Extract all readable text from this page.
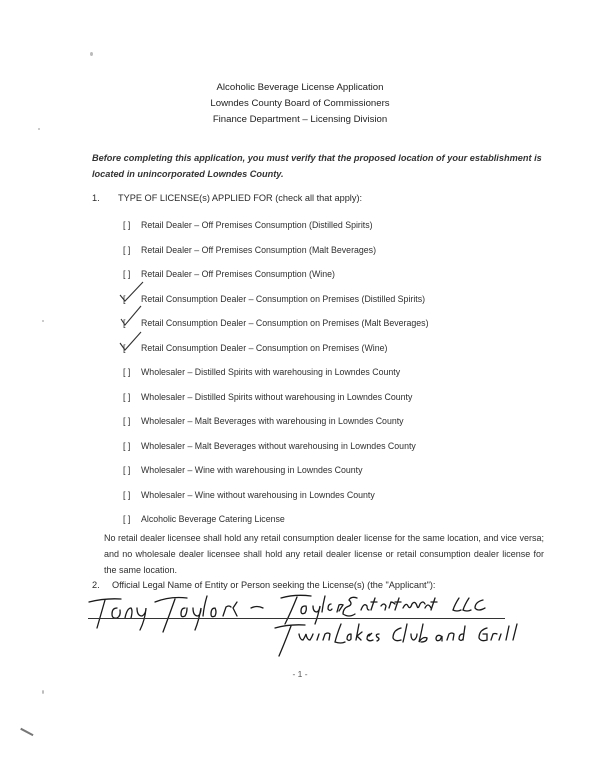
Alcoholic Beverage License Application
Lowndes County Board of Commissioners
Finance Department – Licensing Division
Before completing this application, you must verify that the proposed location of your establishment is located in unincorporated Lowndes County.
1. TYPE OF LICENSE(s) APPLIED FOR (check all that apply):
[ ] Retail Dealer – Off Premises Consumption (Distilled Spirits)
[ ] Retail Dealer – Off Premises Consumption (Malt Beverages)
[ ] Retail Dealer – Off Premises Consumption (Wine)
[  Retail Consumption Dealer – Consumption on Premises (Distilled Spirits)
[  Retail Consumption Dealer – Consumption on Premises (Malt Beverages)
[  Retail Consumption Dealer – Consumption on Premises (Wine)
[ ] Wholesaler – Distilled Spirits with warehousing in Lowndes County
[ ] Wholesaler – Distilled Spirits without warehousing in Lowndes County
[ ] Wholesaler – Malt Beverages with warehousing in Lowndes County
[ ] Wholesaler – Malt Beverages without warehousing in Lowndes County
[ ] Wholesaler – Wine with warehousing in Lowndes County
[ ] Wholesaler – Wine without warehousing in Lowndes County
[ ] Alcoholic Beverage Catering License
No retail dealer licensee shall hold any retail consumption dealer license for the same location, and vice versa; and no wholesale dealer licensee shall hold any retail dealer license or retail consumption dealer license for the same location.
2. Official Legal Name of Entity or Person seeking the License(s) (the "Applicant"):
- 1 -
